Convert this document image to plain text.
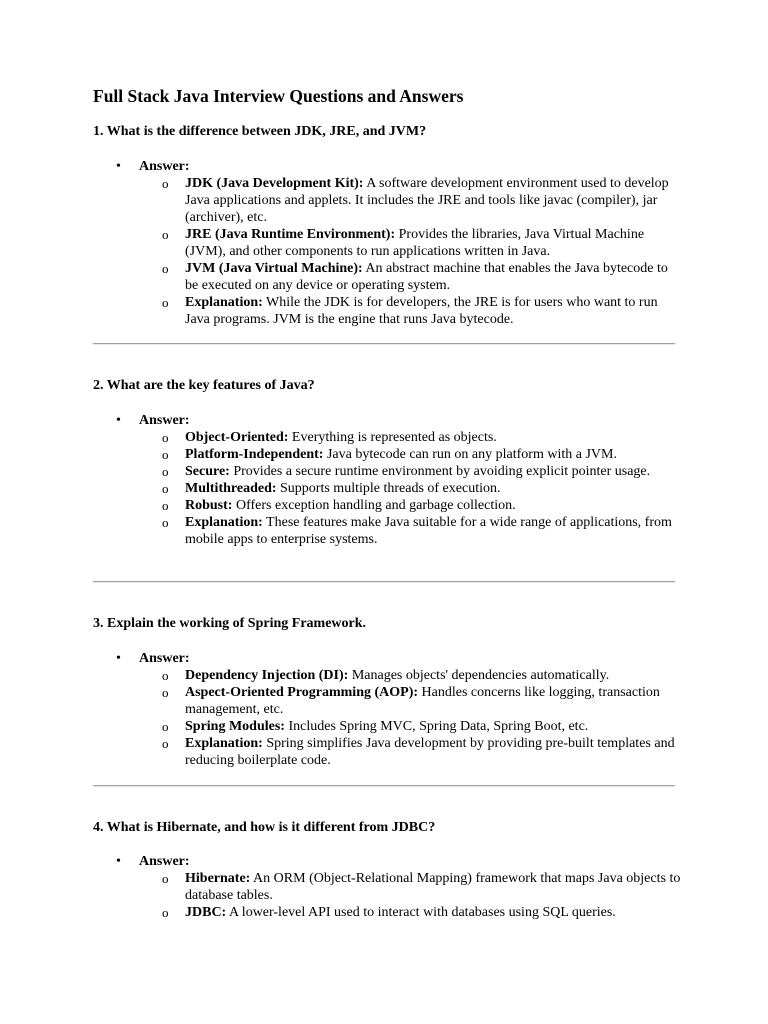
Full Stack Java Interview Questions and Answers
1. What is the difference between JDK, JRE, and JVM?
• Answer:
o JDK (Java Development Kit): A software development environment used to develop Java applications and applets. It includes the JRE and tools like javac (compiler), jar (archiver), etc.
o JRE (Java Runtime Environment): Provides the libraries, Java Virtual Machine (JVM), and other components to run applications written in Java.
o JVM (Java Virtual Machine): An abstract machine that enables the Java bytecode to be executed on any device or operating system.
o Explanation: While the JDK is for developers, the JRE is for users who want to run Java programs. JVM is the engine that runs Java bytecode.
2. What are the key features of Java?
• Answer:
o Object-Oriented: Everything is represented as objects.
o Platform-Independent: Java bytecode can run on any platform with a JVM.
o Secure: Provides a secure runtime environment by avoiding explicit pointer usage.
o Multithreaded: Supports multiple threads of execution.
o Robust: Offers exception handling and garbage collection.
o Explanation: These features make Java suitable for a wide range of applications, from mobile apps to enterprise systems.
3. Explain the working of Spring Framework.
• Answer:
o Dependency Injection (DI): Manages objects' dependencies automatically.
o Aspect-Oriented Programming (AOP): Handles concerns like logging, transaction management, etc.
o Spring Modules: Includes Spring MVC, Spring Data, Spring Boot, etc.
o Explanation: Spring simplifies Java development by providing pre-built templates and reducing boilerplate code.
4. What is Hibernate, and how is it different from JDBC?
• Answer:
o Hibernate: An ORM (Object-Relational Mapping) framework that maps Java objects to database tables.
o JDBC: A lower-level API used to interact with databases using SQL queries.
